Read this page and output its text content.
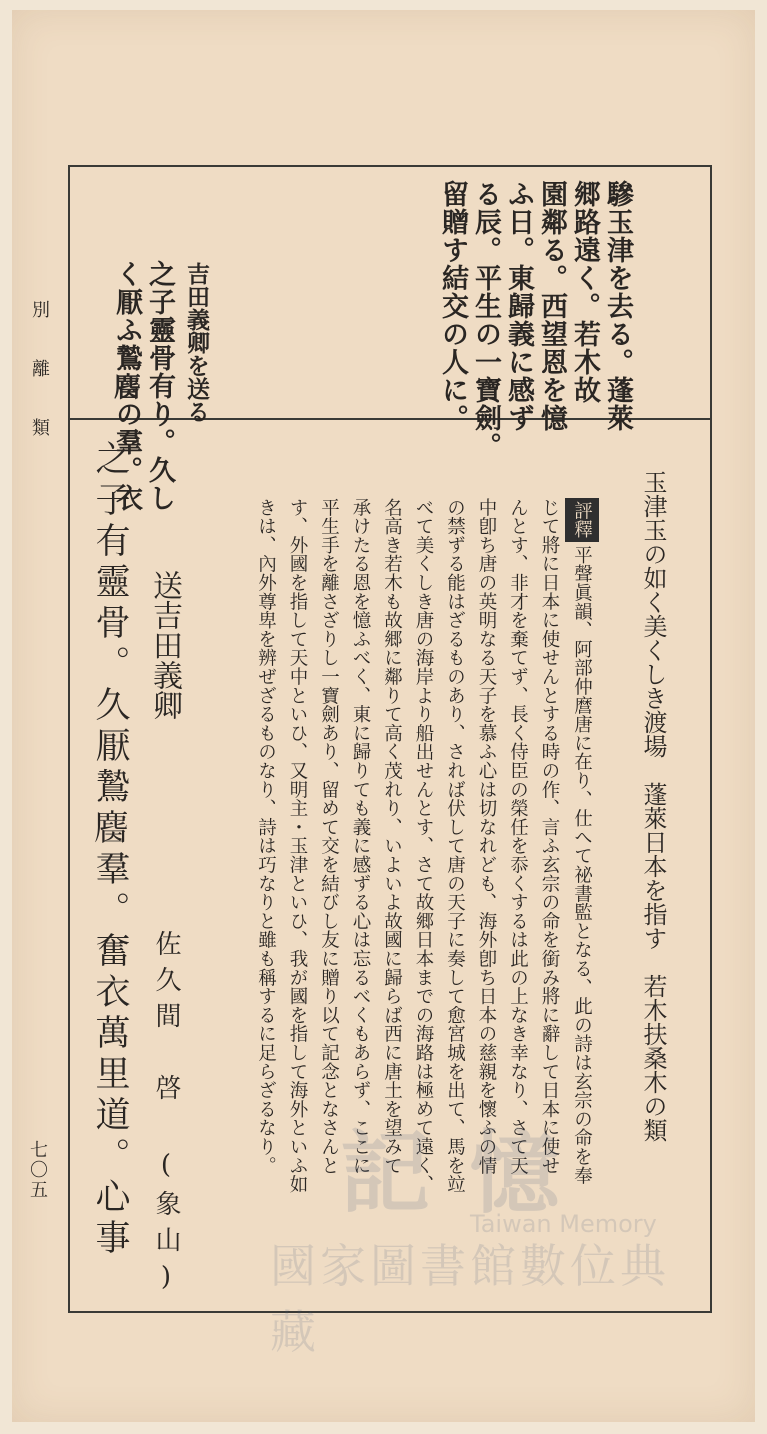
別 離 類
七〇五
驂玉津を去る。蓬萊
郷路遠く。若木故
園鄰る。西望恩を憶
ふ日。東歸義に感ず
る辰。平生の一寶劍。
留贈す結交の人に。
吉田義卿を送る
之子靈骨有り。久し
く厭ふ鷙𪊦の羣。衣
玉津玉の如く美くしき渡場　蓬萊日本を指す　若木扶桑木の類
評釋平聲眞韻、阿部仲麿唐に在り、仕へて祕書監となる、此の詩は玄宗の命を奉
じて將に日本に使せんとする時の作、言ふ玄宗の命を銜み將に辭して日本に使せ
んとす、非才を棄てず、長く侍臣の榮任を忝くするは此の上なき幸なり、さて天
中卽ち唐の英明なる天子を慕ふ心は切なれども、海外卽ち日本の慈親を懷ふの情
の禁ずる能はざるものあり、されば伏して唐の天子に奏して愈宮城を出て、馬を竝
べて美くしき唐の海岸より船出せんとす、さて故郷日本までの海路は極めて遠く、
名高き若木も故郷に鄰りて高く茂れり、いよいよ故國に歸らば西に唐土を望みて
承けたる恩を憶ふべく、東に歸りても義に感ずる心は忘るべくもあらず、ここに
平生手を離さざりし一寶劍あり、留めて交を結びし友に贈り以て記念となさんと
す、外國を指して天中といひ、又明主・玉津といひ、我が國を指して海外といふ如
きは、內外尊卑を辨ぜざるものなり、詩は巧なりと雖も稱するに足らざるなり。
送吉田義卿
佐久間　啓 (象山)
之子有靈骨。久厭鷙𪊦羣。奮衣萬里道。心事 記 憶
Taiwan Memory
國家圖書館數位典藏
